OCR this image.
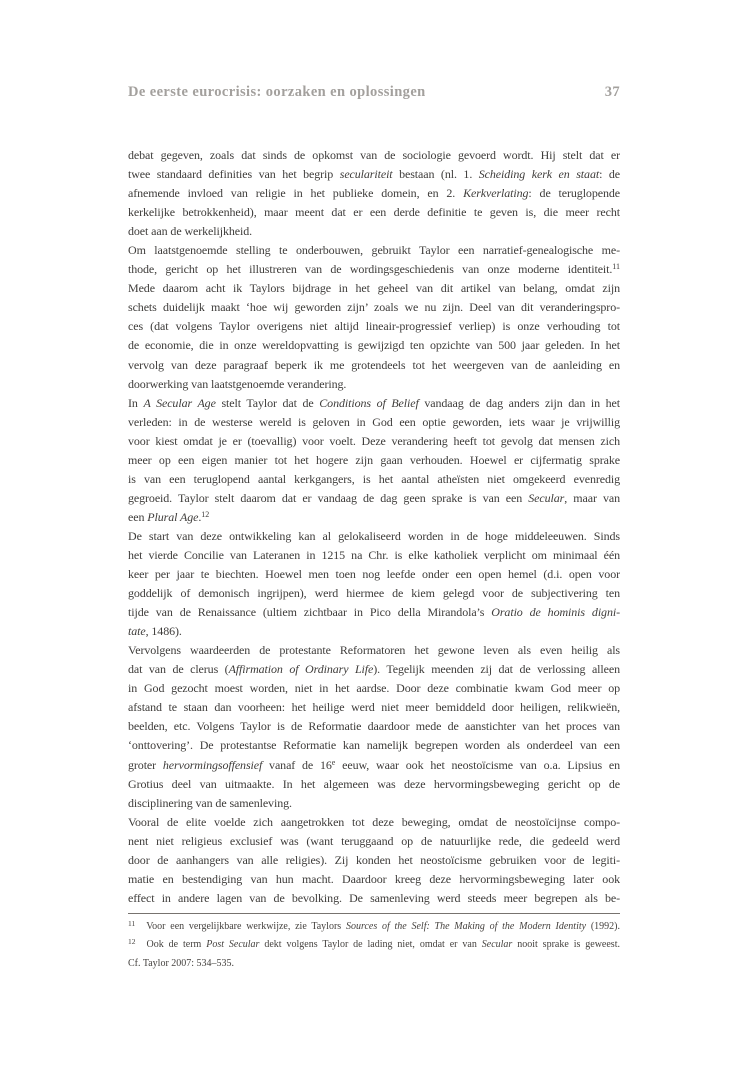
De eerste eurocrisis: oorzaken en oplossingen	37
debat gegeven, zoals dat sinds de opkomst van de sociologie gevoerd wordt. Hij stelt dat er
twee standaard definities van het begrip seculariteit bestaan (nl. 1. Scheiding kerk en staat: de
afnemende invloed van religie in het publieke domein, en 2. Kerkverlating: de teruglopende
kerkelijke betrokkenheid), maar meent dat er een derde definitie te geven is, die meer recht
doet aan de werkelijkheid.
Om laatstgenoemde stelling te onderbouwen, gebruikt Taylor een narratief-genealogische me-
thode, gericht op het illustreren van de wordingsgeschiedenis van onze moderne identiteit.$^{11}$
Mede daarom acht ik Taylors bijdrage in het geheel van dit artikel van belang, omdat zijn
schets duidelijk maakt ‘hoe wij geworden zijn’ zoals we nu zijn. Deel van dit veranderingspro-
ces (dat volgens Taylor overigens niet altijd lineair-progressief verliep) is onze verhouding tot
de economie, die in onze wereldopvatting is gewijzigd ten opzichte van 500 jaar geleden. In het
vervolg van deze paragraaf beperk ik me grotendeels tot het weergeven van de aanleiding en
doorwerking van laatstgenoemde verandering.
In A Secular Age stelt Taylor dat de Conditions of Belief vandaag de dag anders zijn dan in het
verleden: in de westerse wereld is geloven in God een optie geworden, iets waar je vrijwillig
voor kiest omdat je er (toevallig) voor voelt. Deze verandering heeft tot gevolg dat mensen zich
meer op een eigen manier tot het hogere zijn gaan verhouden. Hoewel er cijfermatig sprake
is van een teruglopend aantal kerkgangers, is het aantal atheïsten niet omgekeerd evenredig
gegroeid. Taylor stelt daarom dat er vandaag de dag geen sprake is van een Secular, maar van
een Plural Age.$^{12}$
De start van deze ontwikkeling kan al gelokaliseerd worden in de hoge middeleeuwen. Sinds
het vierde Concilie van Lateranen in 1215 na Chr. is elke katholiek verplicht om minimaal één
keer per jaar te biechten. Hoewel men toen nog leefde onder een open hemel (d.i. open voor
goddelijk of demonisch ingrijpen), werd hiermee de kiem gelegd voor de subjectivering ten
tijde van de Renaissance (ultiem zichtbaar in Pico della Mirandola’s Oratio de hominis digni-
tate, 1486).
Vervolgens waardeerden de protestante Reformatoren het gewone leven als even heilig als
dat van de clerus (Affirmation of Ordinary Life). Tegelijk meenden zij dat de verlossing alleen
in God gezocht moest worden, niet in het aardse. Door deze combinatie kwam God meer op
afstand te staan dan voorheen: het heilige werd niet meer bemiddeld door heiligen, relikwieën,
beelden, etc. Volgens Taylor is de Reformatie daardoor mede de aanstichter van het proces van
‘onttovering’. De protestantse Reformatie kan namelijk begrepen worden als onderdeel van een
groter hervormingsoffensief vanaf de 16e eeuw, waar ook het neostoïcisme van o.a. Lipsius en
Grotius deel van uitmaakte. In het algemeen was deze hervormingsbeweging gericht op de
disciplinering van de samenleving.
Vooral de elite voelde zich aangetrokken tot deze beweging, omdat de neostoïcijnse compo-
nent niet religieus exclusief was (want teruggaand op de natuurlijke rede, die gedeeld werd
door de aanhangers van alle religies). Zij konden het neostoïcisme gebruiken voor de legiti-
matie en bestendiging van hun macht. Daardoor kreeg deze hervormingsbeweging later ook
effect in andere lagen van de bevolking. De samenleving werd steeds meer begrepen als be-
$^{11}$ Voor een vergelijkbare werkwijze, zie Taylors Sources of the Self: The Making of the Modern Identity (1992).
$^{12}$ Ook de term Post Secular dekt volgens Taylor de lading niet, omdat er van Secular nooit sprake is geweest.
Cf. Taylor 2007: 534–535.
